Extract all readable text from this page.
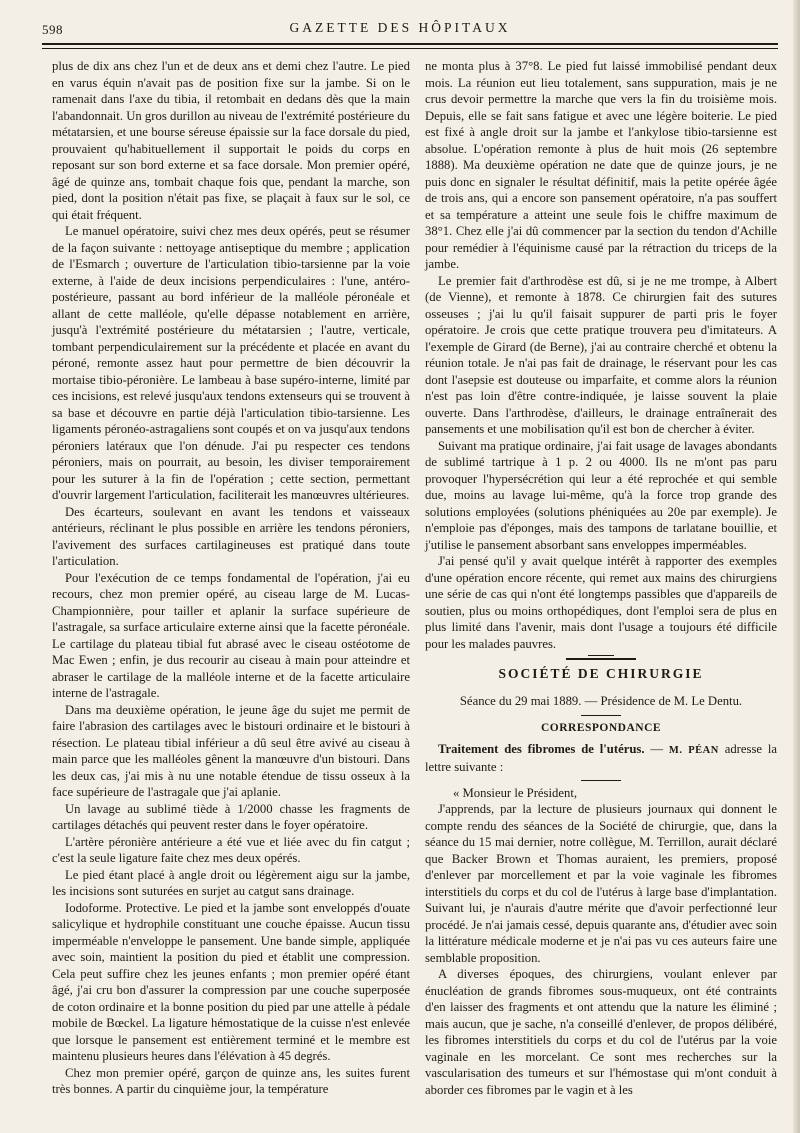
598	GAZETTE DES HÔPITAUX

plus de dix ans chez l'un et de deux ans et demi chez l'autre. Le pied en varus équin n'avait pas de position fixe sur la jambe. Si on le ramenait dans l'axe du tibia, il retombait en dedans dès que la main l'abandonnait. Un gros durillon au niveau de l'extrémité postérieure du métatarsien, et une bourse séreuse épaissie sur la face dorsale du pied, prouvaient qu'habituellement il supportait le poids du corps en reposant sur son bord externe et sa face dorsale. Mon premier opéré, âgé de quinze ans, tombait chaque fois que, pendant la marche, son pied, dont la position n'était pas fixe, se plaçait à faux sur le sol, ce qui était fréquent.

Le manuel opératoire, suivi chez mes deux opérés, peut se résumer de la façon suivante : nettoyage antiseptique du membre ; application de l'Esmarch ; ouverture de l'articulation tibio-tarsienne par la voie externe, à l'aide de deux incisions perpendiculaires : l'une, antéro-postérieure, passant au bord inférieur de la malléole péronéale et allant de cette malléole, qu'elle dépasse notablement en arrière, jusqu'à l'extrémité postérieure du métatarsien ; l'autre, verticale, tombant perpendiculairement sur la précédente et placée en avant du péroné, remonte assez haut pour permettre de bien découvrir la mortaise tibio-péronière. Le lambeau à base supéro-interne, limité par ces incisions, est relevé jusqu'aux tendons extenseurs qui se trouvent à sa base et découvre en partie déjà l'articulation tibio-tarsienne. Les ligaments péronéo-astragaliens sont coupés et on va jusqu'aux tendons péroniers latéraux que l'on dénude. J'ai pu respecter ces tendons péroniers, mais on pourrait, au besoin, les diviser temporairement pour les suturer à la fin de l'opération ; cette section, permettant d'ouvrir largement l'articulation, faciliterait les manœuvres ultérieures.

Des écarteurs, soulevant en avant les tendons et vaisseaux antérieurs, réclinant le plus possible en arrière les tendons péroniers, l'avivement des surfaces cartilagineuses est pratiqué dans toute l'articulation.

Pour l'exécution de ce temps fondamental de l'opération, j'ai eu recours, chez mon premier opéré, au ciseau large de M. Lucas-Championnière, pour tailler et aplanir la surface supérieure de l'astragale, sa surface articulaire externe ainsi que la facette péronéale. Le cartilage du plateau tibial fut abrasé avec le ciseau ostéotome de Mac Ewen ; enfin, je dus recourir au ciseau à main pour atteindre et abraser le cartilage de la malléole interne et de la facette articulaire interne de l'astragale.

Dans ma deuxième opération, le jeune âge du sujet me permit de faire l'abrasion des cartilages avec le bistouri ordinaire et le bistouri à résection. Le plateau tibial inférieur a dû seul être avivé au ciseau à main parce que les malléoles gênent la manœuvre d'un bistouri. Dans les deux cas, j'ai mis à nu une notable étendue de tissu osseux à la face supérieure de l'astragale que j'ai aplanie.

Un lavage au sublimé tiède à 1/2000 chasse les fragments de cartilages détachés qui peuvent rester dans le foyer opératoire.

L'artère péronière antérieure a été vue et liée avec du fin catgut ; c'est la seule ligature faite chez mes deux opérés.

Le pied étant placé à angle droit ou légèrement aigu sur la jambe, les incisions sont suturées en surjet au catgut sans drainage.

Iodoforme. Protective. Le pied et la jambe sont enveloppés d'ouate salicylique et hydrophile constituant une couche épaisse. Aucun tissu imperméable n'enveloppe le pansement. Une bande simple, appliquée avec soin, maintient la position du pied et établit une compression. Cela peut suffire chez les jeunes enfants ; mon premier opéré étant âgé, j'ai cru bon d'assurer la compression par une couche superposée de coton ordinaire et la bonne position du pied par une attelle à pédale mobile de Bœckel. La ligature hémostatique de la cuisse n'est enlevée que lorsque le pansement est entièrement terminé et le membre est maintenu plusieurs heures dans l'élévation à 45 degrés.

Chez mon premier opéré, garçon de quinze ans, les suites furent très bonnes. A partir du cinquième jour, la température

ne monta plus à 37°8. Le pied fut laissé immobilisé pendant deux mois. La réunion eut lieu totalement, sans suppuration, mais je ne crus devoir permettre la marche que vers la fin du troisième mois. Depuis, elle se fait sans fatigue et avec une légère boiterie. Le pied est fixé à angle droit sur la jambe et l'ankylose tibio-tarsienne est absolue. L'opération remonte à plus de huit mois (26 septembre 1888). Ma deuxième opération ne date que de quinze jours, je ne puis donc en signaler le résultat définitif, mais la petite opérée âgée de trois ans, qui a encore son pansement opératoire, n'a pas souffert et sa température a atteint une seule fois le chiffre maximum de 38°1. Chez elle j'ai dû commencer par la section du tendon d'Achille pour remédier à l'équinisme causé par la rétraction du triceps de la jambe.

Le premier fait d'arthrodèse est dû, si je ne me trompe, à Albert (de Vienne), et remonte à 1878. Ce chirurgien fait des sutures osseuses ; j'ai lu qu'il faisait suppurer de parti pris le foyer opératoire. Je crois que cette pratique trouvera peu d'imitateurs. A l'exemple de Girard (de Berne), j'ai au contraire cherché et obtenu la réunion totale. Je n'ai pas fait de drainage, le réservant pour les cas dont l'asepsie est douteuse ou imparfaite, et comme alors la réunion n'est pas loin d'être contre-indiquée, je laisse souvent la plaie ouverte. Dans l'arthrodèse, d'ailleurs, le drainage entraînerait des pansements et une mobilisation qu'il est bon de chercher à éviter.

Suivant ma pratique ordinaire, j'ai fait usage de lavages abondants de sublimé tartrique à 1 p. 2 ou 4000. Ils ne m'ont pas paru provoquer l'hypersécrétion qui leur a été reprochée et qui semble due, moins au lavage lui-même, qu'à la force trop grande des solutions employées (solutions phéniquées au 20e par exemple). Je n'emploie pas d'éponges, mais des tampons de tarlatane bouillie, et j'utilise le pansement absorbant sans enveloppes imperméables.

J'ai pensé qu'il y avait quelque intérêt à rapporter des exemples d'une opération encore récente, qui remet aux mains des chirurgiens une série de cas qui n'ont été longtemps passibles que d'appareils de soutien, plus ou moins orthopédiques, dont l'emploi sera de plus en plus limité dans l'avenir, mais dont l'usage a toujours été difficile pour les malades pauvres.

SOCIÉTÉ DE CHIRURGIE
Séance du 29 mai 1889. — Présidence de M. Le Dentu.
CORRESPONDANCE

Traitement des fibromes de l'utérus. — M. PÉAN adresse la lettre suivante :

« Monsieur le Président,

J'apprends, par la lecture de plusieurs journaux qui donnent le compte rendu des séances de la Société de chirurgie, que, dans la séance du 15 mai dernier, notre collègue, M. Terrillon, aurait déclaré que Backer Brown et Thomas auraient, les premiers, proposé d'enlever par morcellement et par la voie vaginale les fibromes interstitiels du corps et du col de l'utérus à large base d'implantation. Suivant lui, je n'aurais d'autre mérite que d'avoir perfectionné leur procédé. Je n'ai jamais cessé, depuis quarante ans, d'étudier avec soin la littérature médicale moderne et je n'ai pas vu ces auteurs faire une semblable proposition.

A diverses époques, des chirurgiens, voulant enlever par énucléation de grands fibromes sous-muqueux, ont été contraints d'en laisser des fragments et ont attendu que la nature les éliminé ; mais aucun, que je sache, n'a conseillé d'enlever, de propos délibéré, les fibromes interstitiels du corps et du col de l'utérus par la voie vaginale en les morcelant. Ce sont mes recherches sur la vascularisation des tumeurs et sur l'hémostase qui m'ont conduit à aborder ces fibromes par le vagin et à les
